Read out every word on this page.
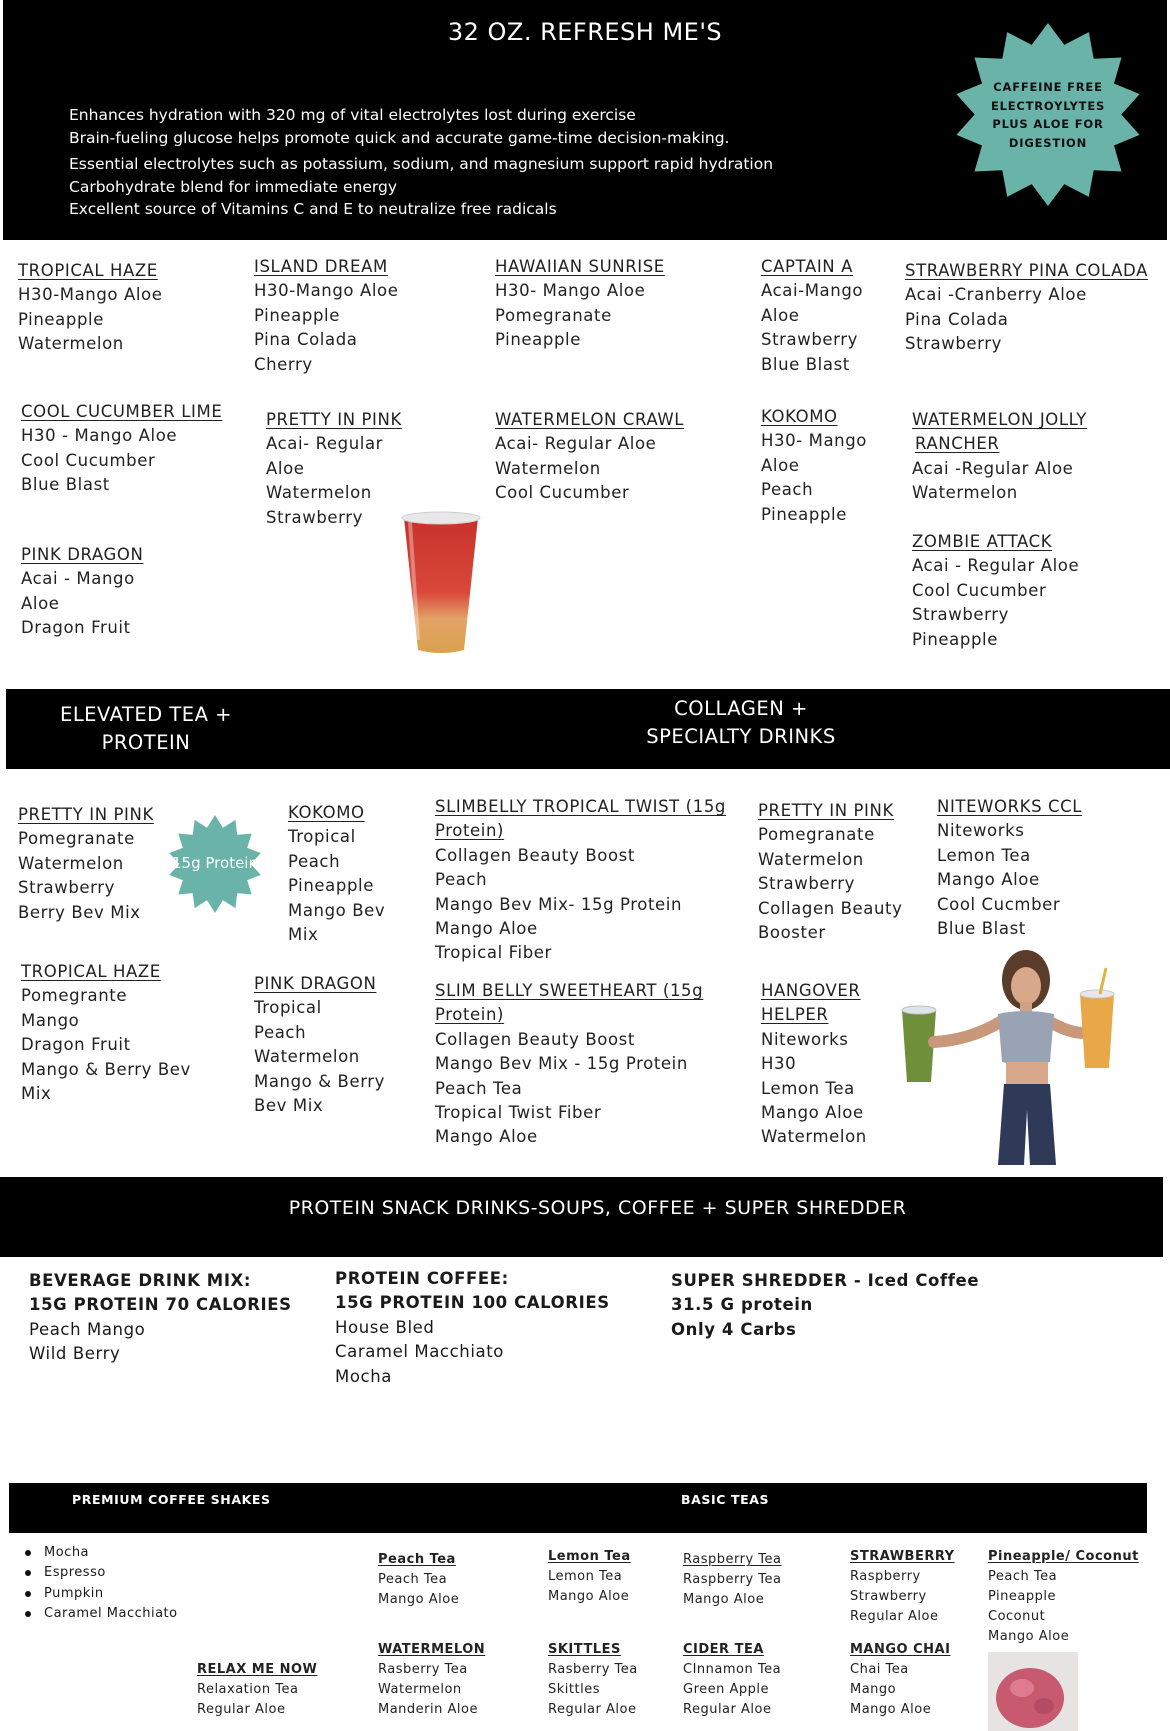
32 OZ. REFRESH ME'S
Enhances hydration with 320 mg of vital electrolytes lost during exercise
Brain-fueling glucose helps promote quick and accurate game-time decision-making.
Essential electrolytes such as potassium, sodium, and magnesium support rapid hydration
Carbohydrate blend for immediate energy
Excellent source of Vitamins C and E to neutralize free radicals
CAFFEINE FREE
ELECTROYLYTES
PLUS ALOE FOR
DIGESTION
TROPICAL HAZE
H30-Mango Aloe
Pineapple
Watermelon
ISLAND DREAM
H30-Mango Aloe
Pineapple
Pina Colada
Cherry
HAWAIIAN SUNRISE
H30- Mango Aloe
Pomegranate
Pineapple
CAPTAIN A
Acai-Mango
Aloe
Strawberry
Blue Blast
STRAWBERRY PINA COLADA
Acai -Cranberry Aloe
Pina Colada
Strawberry
COOL CUCUMBER LIME
H30 - Mango Aloe
Cool Cucumber
Blue Blast
PRETTY IN PINK
Acai- Regular
Aloe
Watermelon
Strawberry
WATERMELON CRAWL
Acai- Regular Aloe
Watermelon
Cool Cucumber
KOKOMO
H30- Mango
Aloe
Peach
Pineapple
WATERMELON JOLLY
RANCHER
Acai -Regular Aloe
Watermelon
PINK DRAGON
Acai - Mango
Aloe
Dragon Fruit
ZOMBIE ATTACK
Acai - Regular Aloe
Cool Cucumber
Strawberry
Pineapple
ELEVATED TEA +
PROTEIN
COLLAGEN +
SPECIALTY DRINKS
PRETTY IN PINK
Pomegranate
Watermelon
Strawberry
Berry Bev Mix
15g Protein
KOKOMO
Tropical
Peach
Pineapple
Mango Bev
Mix
TROPICAL HAZE
Pomegrante
Mango
Dragon Fruit
Mango & Berry Bev
Mix
PINK DRAGON
Tropical
Peach
Watermelon
Mango & Berry
Bev Mix
SLIMBELLY TROPICAL TWIST (15g
Protein)
Collagen Beauty Boost
Peach
Mango Bev Mix- 15g Protein
Mango Aloe
Tropical Fiber
PRETTY IN PINK
Pomegranate
Watermelon
Strawberry
Collagen Beauty
Booster
NITEWORKS CCL
Niteworks
Lemon Tea
Mango Aloe
Cool Cucmber
Blue Blast
SLIM BELLY SWEETHEART (15g
Protein)
Collagen Beauty Boost
Mango Bev Mix - 15g Protein
Peach Tea
Tropical Twist Fiber
Mango Aloe
HANGOVER
HELPER
Niteworks
H30
Lemon Tea
Mango Aloe
Watermelon
PROTEIN SNACK DRINKS-SOUPS, COFFEE + SUPER SHREDDER
BEVERAGE DRINK MIX:
15G PROTEIN 70 CALORIES
Peach Mango
Wild Berry
PROTEIN COFFEE:
15G PROTEIN 100 CALORIES
House Bled
Caramel Macchiato
Mocha
SUPER SHREDDER - Iced Coffee
31.5 G protein
Only 4 Carbs
PREMIUM COFFEE SHAKES	BASIC TEAS
Mocha
Espresso
Pumpkin
Caramel Macchiato
Peach Tea
Peach Tea
Mango Aloe
Lemon Tea
Lemon Tea
Mango Aloe
Raspberry Tea
Raspberry Tea
Mango Aloe
STRAWBERRY
Raspberry
Strawberry
Regular Aloe
Pineapple/ Coconut
Peach Tea
Pineapple
Coconut
Mango Aloe
RELAX ME NOW
Relaxation Tea
Regular Aloe
WATERMELON
Rasberry Tea
Watermelon
Manderin Aloe
SKITTLES
Rasberry Tea
Skittles
Regular Aloe
CIDER TEA
CInnamon Tea
Green Apple
Regular Aloe
MANGO CHAI
Chai Tea
Mango
Mango Aloe
